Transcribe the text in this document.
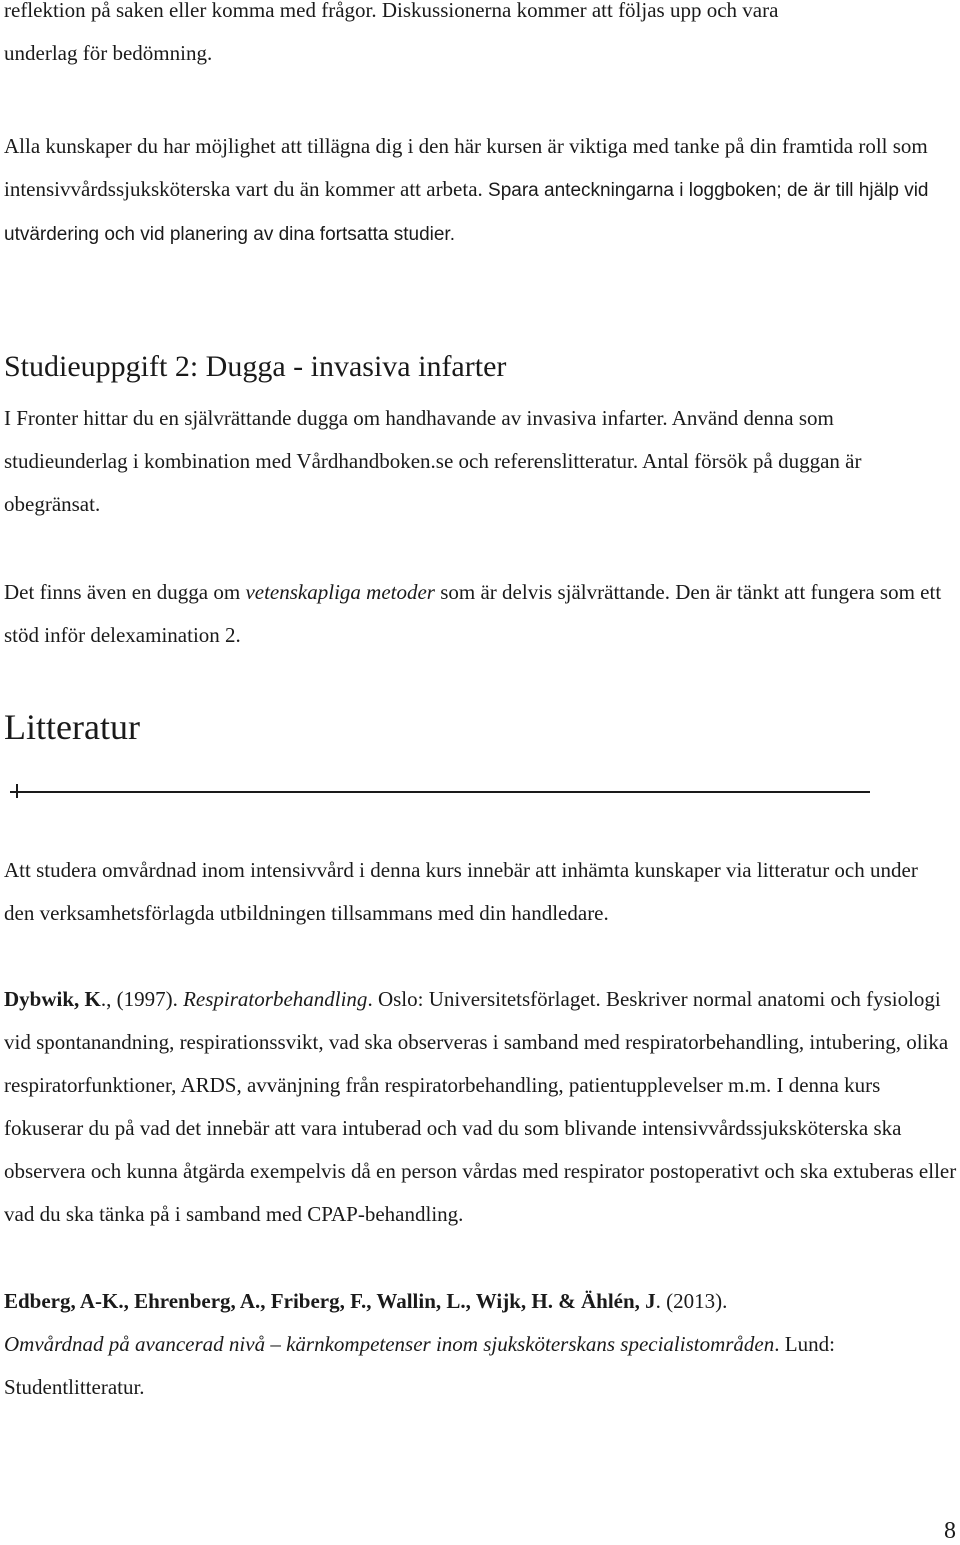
reflektion på saken eller komma med frågor. Diskussionerna kommer att följas upp och vara
underlag för bedömning.

Alla kunskaper du har möjlighet att tillägna dig i den här kursen är viktiga med tanke på din framtida roll som intensivvårdssjuksköterska vart du än kommer att arbeta. Spara anteckningarna i loggboken; de är till hjälp vid utvärdering och vid planering av dina fortsatta studier.

Studieuppgift 2: Dugga - invasiva infarter

I Fronter hittar du en självrättande dugga om handhavande av invasiva infarter. Använd denna som studieunderlag i kombination med Vårdhandboken.se och referenslitteratur. Antal försök på duggan är obegränsat.

Det finns även en dugga om vetenskapliga metoder som är delvis självrättande. Den är tänkt att fungera som ett stöd inför delexamination 2.

Litteratur

Att studera omvårdnad inom intensivvård i denna kurs innebär att inhämta kunskaper via litteratur och under den verksamhetsförlagda utbildningen tillsammans med din handledare.

Dybwik, K., (1997). Respiratorbehandling. Oslo: Universitetsförlaget. Beskriver normal anatomi och fysiologi vid spontanandning, respirationssvikt, vad ska observeras i samband med respiratorbehandling, intubering, olika respiratorfunktioner, ARDS, avvänjning från respiratorbehandling, patientupplevelser m.m. I denna kurs fokuserar du på vad det innebär att vara intuberad och vad du som blivande intensivvårdssjuksköterska ska observera och kunna åtgärda exempelvis då en person vårdas med respirator postoperativt och ska extuberas eller vad du ska tänka på i samband med CPAP-behandling.

Edberg, A-K., Ehrenberg, A., Friberg, F., Wallin, L., Wijk, H. & Ählén, J. (2013).
Omvårdnad på avancerad nivå – kärnkompetenser inom sjuksköterskans specialistområden. Lund: Studentlitteratur.

8
